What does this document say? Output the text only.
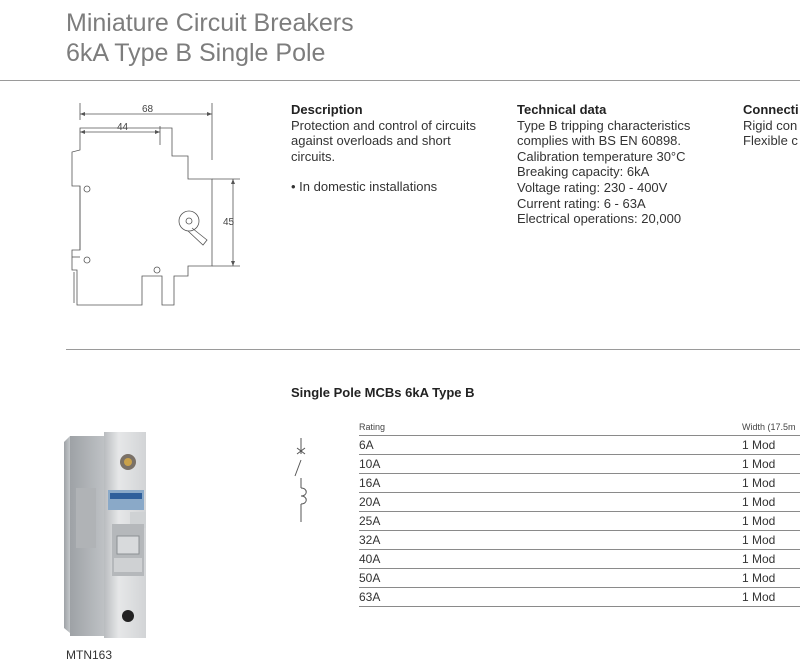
Miniature Circuit Breakers
6kA Type B Single Pole
68
44
45
Description

Protection and control of circuits

against overloads and short

circuits.

• In domestic installations

Technical data

Type B tripping characteristics

complies with BS EN 60898.

Calibration temperature 30°C

Breaking capacity: 6kA

Voltage rating: 230 - 400V

Current rating: 6 - 63A

Electrical operations: 20,000

Connecti

Rigid con

Flexible c

MTN163
Single Pole MCBs 6kA Type B
Rating	Width (17.5m
6A	1 Mod
10A	1 Mod
16A	1 Mod
20A	1 Mod
25A	1 Mod
32A	1 Mod
40A	1 Mod
50A	1 Mod
63A	1 Mod
